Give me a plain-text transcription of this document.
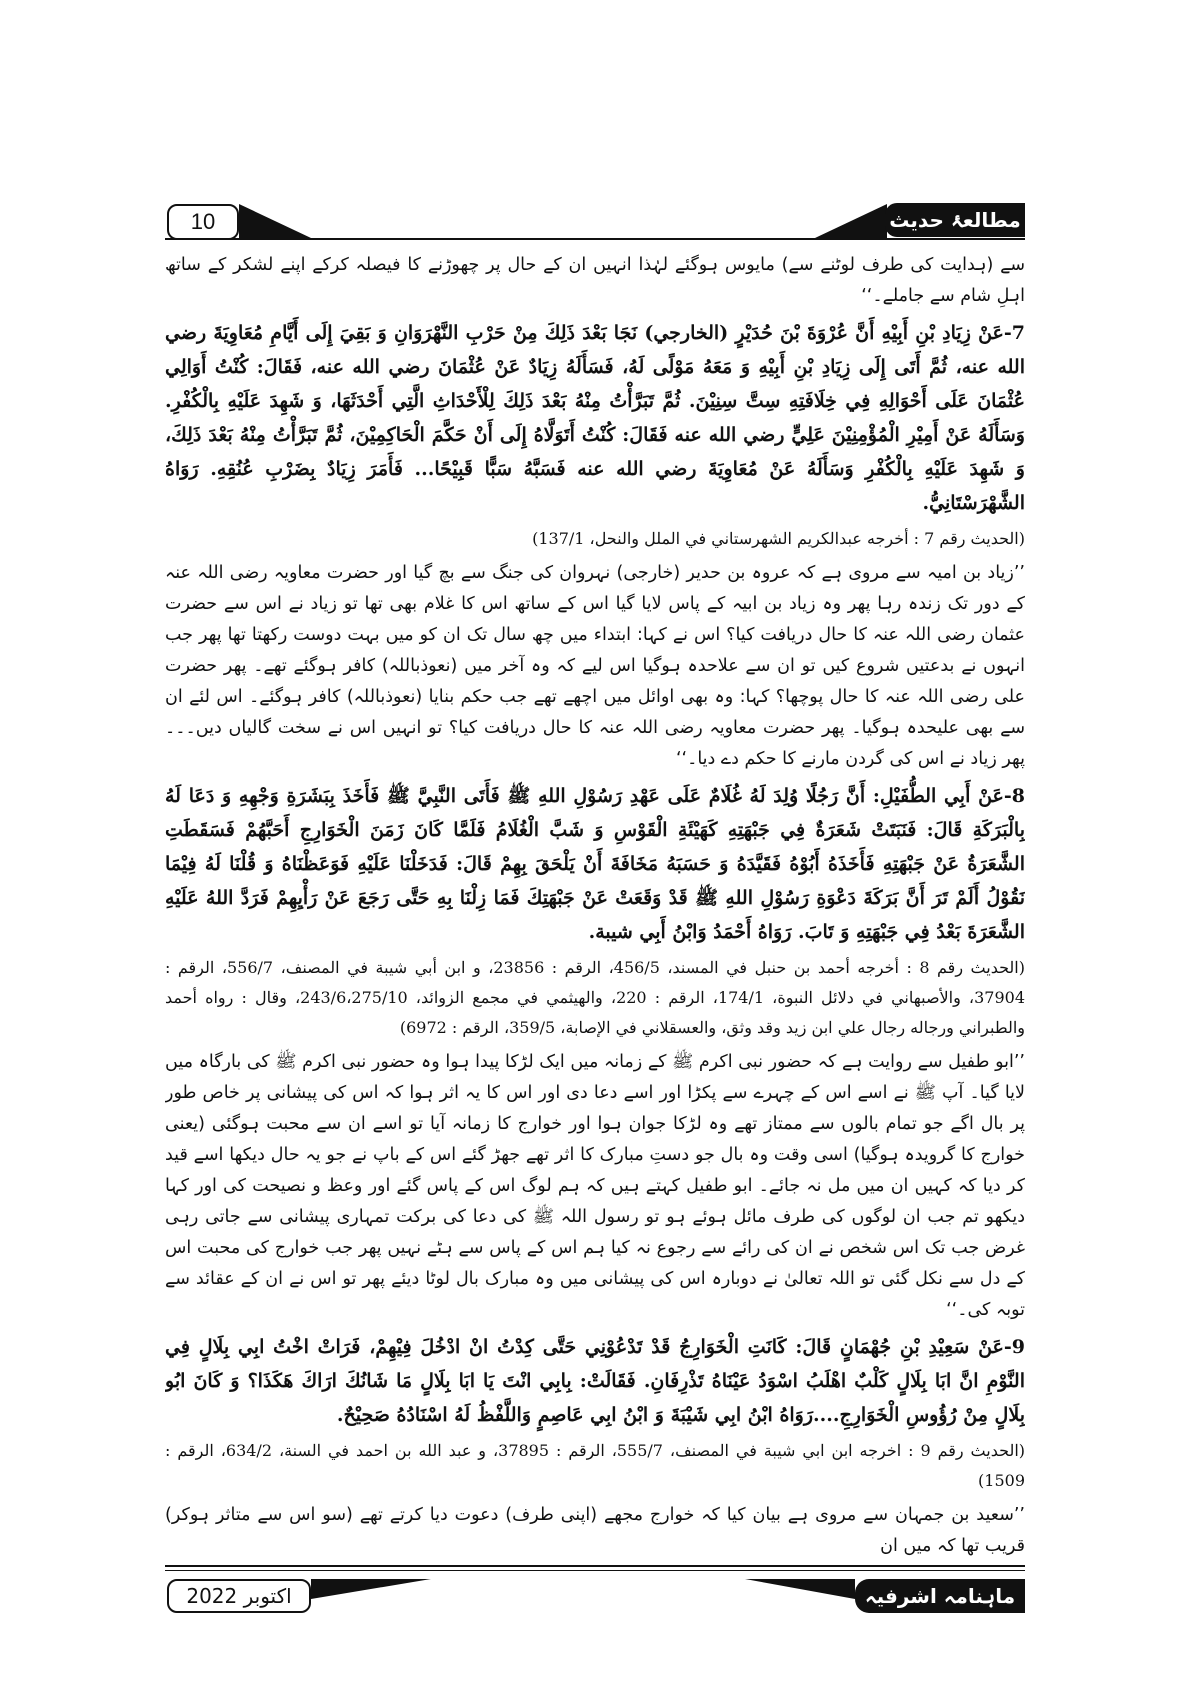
10	مطالعۂ حدیث

سے (ہدایت کی طرف لوٹنے سے) مایوس ہوگئے لہٰذا انہیں ان کے حال پر چھوڑنے کا فیصلہ کرکے اپنے لشکر کے ساتھ اہلِ شام سے جاملے۔‘‘

7-عَنْ زِيَادِ بْنِ أَبِيْهِ أَنَّ عُرْوَةَ بْنَ حُدَيْرٍ (الخارجي) نَجَا بَعْدَ ذَلِكَ مِنْ حَرْبِ النَّهْرَوَانِ وَ بَقِيَ إِلَى أَيَّامِ مُعَاوِيَةَ رضي الله عنه، ثُمَّ أَتَى إِلَى زِيَادِ بْنِ أَبِيْهِ وَ مَعَهُ مَوْلًى لَهُ، فَسَأَلَهُ زِيَادٌ عَنْ عُثْمَانَ رضي الله عنه، فَقَالَ: كُنْتُ أَوَالِي عُثْمَانَ عَلَى أَحْوَالِهِ فِي خِلَافَتِهِ سِتَّ سِنِيْنَ. ثُمَّ تَبَرَّأْتُ مِنْهُ بَعْدَ ذَلِكَ لِلْأَحْدَاثِ الَّتِي أَحْدَثَهَا، وَ شَهِدَ عَلَيْهِ بِالْكُفْرِ. وَسَأَلَهُ عَنْ أَمِيْرِ الْمُؤْمِنِيْنَ عَلِيٍّ رضي الله عنه فَقَالَ: كُنْتُ أَتَوَلَّاهُ إِلَى أَنْ حَكَّمَ الْحَاكِمِيْنَ، ثُمَّ تَبَرَّأْتُ مِنْهُ بَعْدَ ذَلِكَ، وَ شَهِدَ عَلَيْهِ بِالْكُفْرِ وَسَأَلَهُ عَنْ مُعَاوِيَةَ رضي الله عنه فَسَبَّهُ سَبًّا قَبِيْحًا... فَأَمَرَ زِيَادٌ بِضَرْبِ عُنُقِهِ. رَوَاهُ الشَّهْرَسْتَانِيُّ.

(الحديث رقم 7 : أخرجه عبدالكريم الشهرستاني في الملل والنحل، 137/1)

’’زیاد بن امیہ سے مروی ہے کہ عروہ بن حدیر (خارجی) نہروان کی جنگ سے بچ گیا اور حضرت معاویہ رضی اللہ عنہ کے دور تک زندہ رہا پھر وہ زیاد بن ابیہ کے پاس لایا گیا اس کے ساتھ اس کا غلام بھی تھا تو زیاد نے اس سے حضرت عثمان رضی اللہ عنہ کا حال دریافت کیا؟ اس نے کہا: ابتداء میں چھ سال تک ان کو میں بہت دوست رکھتا تھا پھر جب انہوں نے بدعتیں شروع کیں تو ان سے علاحدہ ہوگیا اس لیے کہ وہ آخر میں (نعوذباللہ) کافر ہوگئے تھے۔ پھر حضرت علی رضی اللہ عنہ کا حال پوچھا؟ کہا: وہ بھی اوائل میں اچھے تھے جب حکم بنایا (نعوذباللہ) کافر ہوگئے۔ اس لئے ان سے بھی علیحدہ ہوگیا۔ پھر حضرت معاویہ رضی اللہ عنہ کا حال دریافت کیا؟ تو انہیں اس نے سخت گالیاں دیں۔۔۔ پھر زیاد نے اس کی گردن مارنے کا حکم دے دیا۔‘‘

8-عَنْ أَبِي الطُّفَيْلِ: أَنَّ رَجُلًا وُلِدَ لَهُ غُلَامٌ عَلَى عَهْدِ رَسُوْلِ اللهِ ﷺ فَأَتَى النَّبِيَّ ﷺ فَأَخَذَ بِبَشَرَةِ وَجْهِهِ وَ دَعَا لَهُ بِالْبَرَكَةِ قَالَ: فَنَبَتَتْ شَعَرَةٌ فِي جَبْهَتِهِ كَهَيْئَةِ الْقَوْسِ وَ شَبَّ الْغُلَامُ فَلَمَّا كَانَ زَمَنَ الْخَوَارِجِ أَحَبَّهُمْ فَسَقَطَتِ الشَّعَرَةُ عَنْ جَبْهَتِهِ فَأَخَذَهُ أَبُوْهُ فَقَيَّدَهُ وَ حَسَبَهُ مَخَافَةَ أَنْ يَلْحَقَ بِهِمْ قَالَ: فَدَخَلْنَا عَلَيْهِ فَوَعَظْنَاهُ وَ قُلْنَا لَهُ فِيْمَا نَقُوْلُ أَلَمْ تَرَ أَنَّ بَرَكَةَ دَعْوَةِ رَسُوْلِ اللهِ ﷺ قَدْ وَقَعَتْ عَنْ جَبْهَتِكَ فَمَا زِلْنَا بِهِ حَتَّى رَجَعَ عَنْ رَأْيِهِمْ فَرَدَّ اللهُ عَلَيْهِ الشَّعَرَةَ بَعْدُ فِي جَبْهَتِهِ وَ تَابَ. رَوَاهُ أَحْمَدُ وَابْنُ أَبِي شيبة.

(الحديث رقم 8 : أخرجه أحمد بن حنبل في المسند، 456/5، الرقم : 23856، و ابن أبي شيبة في المصنف، 556/7، الرقم : 37904، والأصبهاني في دلائل النبوة، 174/1، الرقم : 220، والهيثمي في مجمع الزوائد، 243/6،275/10، وقال : رواه أحمد والطبراني ورجاله رجال علي ابن زيد وقد وثق، والعسقلاني في الإصابة، 359/5، الرقم : 6972)

’’ابو طفیل سے روایت ہے کہ حضور نبی اکرم ﷺ کے زمانہ میں ایک لڑکا پیدا ہوا وہ حضور نبی اکرم ﷺ کی بارگاہ میں لایا گیا۔ آپ ﷺ نے اسے اس کے چہرے سے پکڑا اور اسے دعا دی اور اس کا یہ اثر ہوا کہ اس کی پیشانی پر خاص طور پر بال اگے جو تمام بالوں سے ممتاز تھے وہ لڑکا جوان ہوا اور خوارج کا زمانہ آیا تو اسے ان سے محبت ہوگئی (یعنی خوارج کا گرویدہ ہوگیا) اسی وقت وہ بال جو دستِ مبارک کا اثر تھے جھڑ گئے اس کے باپ نے جو یہ حال دیکھا اسے قید کر دیا کہ کہیں ان میں مل نہ جائے۔ ابو طفیل کہتے ہیں کہ ہم لوگ اس کے پاس گئے اور وعظ و نصیحت کی اور کہا دیکھو تم جب ان لوگوں کی طرف مائل ہوئے ہو تو رسول اللہ ﷺ کی دعا کی برکت تمہاری پیشانی سے جاتی رہی غرض جب تک اس شخص نے ان کی رائے سے رجوع نہ کیا ہم اس کے پاس سے ہٹے نہیں پھر جب خوارج کی محبت اس کے دل سے نکل گئی تو اللہ تعالیٰ نے دوبارہ اس کی پیشانی میں وہ مبارک بال لوٹا دیئے پھر تو اس نے ان کے عقائد سے توبہ کی۔‘‘

9-عَنْ سَعِيْدِ بْنِ جُهْمَانٍ قَالَ: كَانَتِ الْخَوَارِجُ قَدْ تَدْعُوْنِي حَتَّى كِدْتُ انْ ادْخُلَ فِيْهِمْ، فَرَاتْ اخْتُ ابِي بِلَالٍ فِي النَّوْمِ انَّ ابَا بِلَالٍ كَلْبٌ اهْلَبُ اسْوَدُ عَيْنَاهُ تَذْرِفَانِ. فَقَالَتْ: بِابِي انْتَ يَا ابَا بِلَالٍ مَا شَانُكَ ارَاكَ هَكَذَا؟ وَ كَانَ ابُو بِلَالٍ مِنْ رُؤُوسِ الْخَوَارِجِ....رَوَاهُ ابْنُ ابِي شَيْبَةَ وَ ابْنُ ابِي عَاصِمٍ وَاللَّفْظُ لَهُ اسْنَادُهُ صَحِيْحٌ.

(الحديث رقم 9 : اخرجه ابن ابي شيبة في المصنف، 555/7، الرقم : 37895، و عبد الله بن احمد في السنة، 634/2، الرقم : 1509)

’’سعید بن جمہان سے مروی ہے بیان کیا کہ خوارج مجھے (اپنی طرف) دعوت دیا کرتے تھے (سو اس سے متاثر ہوکر) قریب تھا کہ میں ان

اکتوبر 2022	ماہنامہ اشرفیہ
